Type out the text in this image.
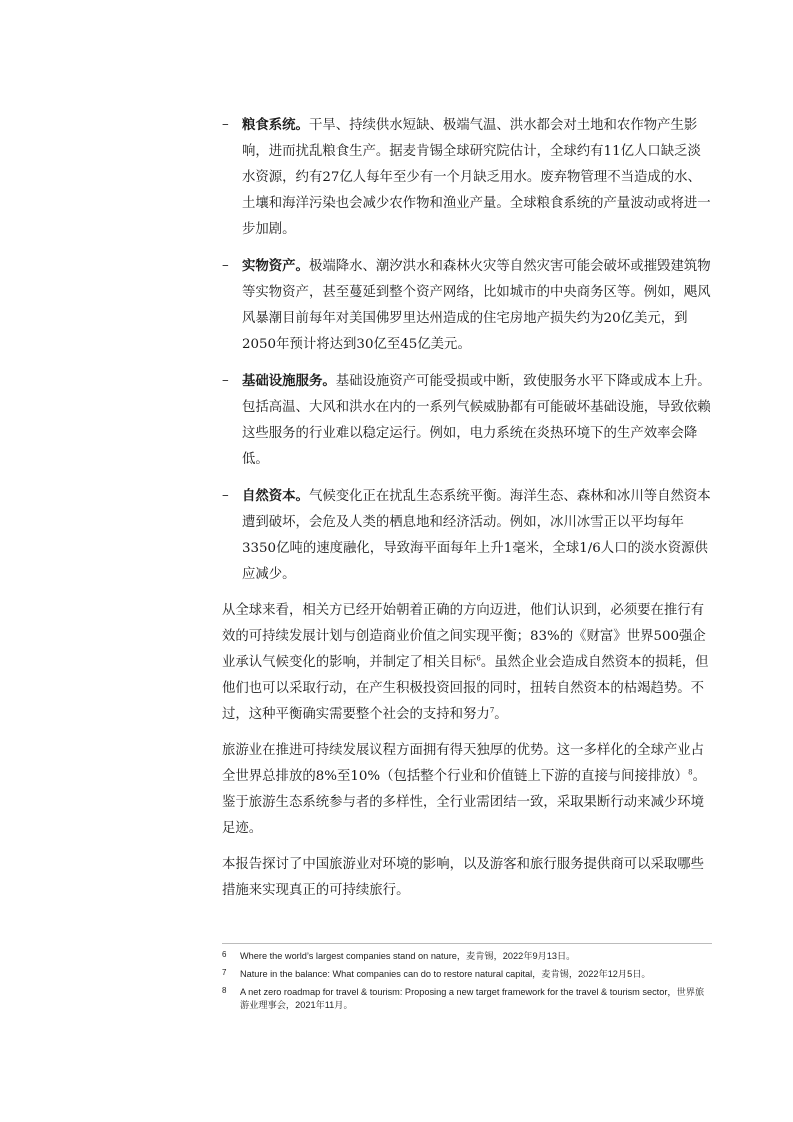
– 粮食系统。干旱、持续供水短缺、极端气温、洪水都会对土地和农作物产生影响，进而扰乱粮食生产。据麦肯锡全球研究院估计，全球约有11亿人口缺乏淡水资源，约有27亿人每年至少有一个月缺乏用水。废弃物管理不当造成的水、土壤和海洋污染也会减少农作物和渔业产量。全球粮食系统的产量波动或将进一步加剧。
– 实物资产。极端降水、潮汐洪水和森林火灾等自然灾害可能会破坏或摧毁建筑物等实物资产，甚至蔓延到整个资产网络，比如城市的中央商务区等。例如，飓风风暴潮目前每年对美国佛罗里达州造成的住宅房地产损失约为20亿美元，到2050年预计将达到30亿至45亿美元。
– 基础设施服务。基础设施资产可能受损或中断，致使服务水平下降或成本上升。包括高温、大风和洪水在内的一系列气候威胁都有可能破坏基础设施，导致依赖这些服务的行业难以稳定运行。例如，电力系统在炎热环境下的生产效率会降低。
– 自然资本。气候变化正在扰乱生态系统平衡。海洋生态、森林和冰川等自然资本遭到破坏，会危及人类的栖息地和经济活动。例如，冰川冰雪正以平均每年3350亿吨的速度融化，导致海平面每年上升1毫米，全球1/6人口的淡水资源供应减少。

从全球来看，相关方已经开始朝着正确的方向迈进，他们认识到，必须要在推行有效的可持续发展计划与创造商业价值之间实现平衡；83%的《财富》世界500强企业承认气候变化的影响，并制定了相关目标$^6$。虽然企业会造成自然资本的损耗，但他们也可以采取行动，在产生积极投资回报的同时，扭转自然资本的枯竭趋势。不过，这种平衡确实需要整个社会的支持和努力$^7$。

旅游业在推进可持续发展议程方面拥有得天独厚的优势。这一多样化的全球产业占全世界总排放的8%至10%（包括整个行业和价值链上下游的直接与间接排放）$^8$。鉴于旅游生态系统参与者的多样性，全行业需团结一致，采取果断行动来减少环境足迹。

本报告探讨了中国旅游业对环境的影响，以及游客和旅行服务提供商可以采取哪些措施来实现真正的可持续旅行。

6 Where the world’s largest companies stand on nature，麦肯锡，2022年9月13日。
7 Nature in the balance: What companies can do to restore natural capital，麦肯锡，2022年12月5日。
8 A net zero roadmap for travel & tourism: Proposing a new target framework for the travel & tourism sector，世界旅游业理事会，2021年11月。
